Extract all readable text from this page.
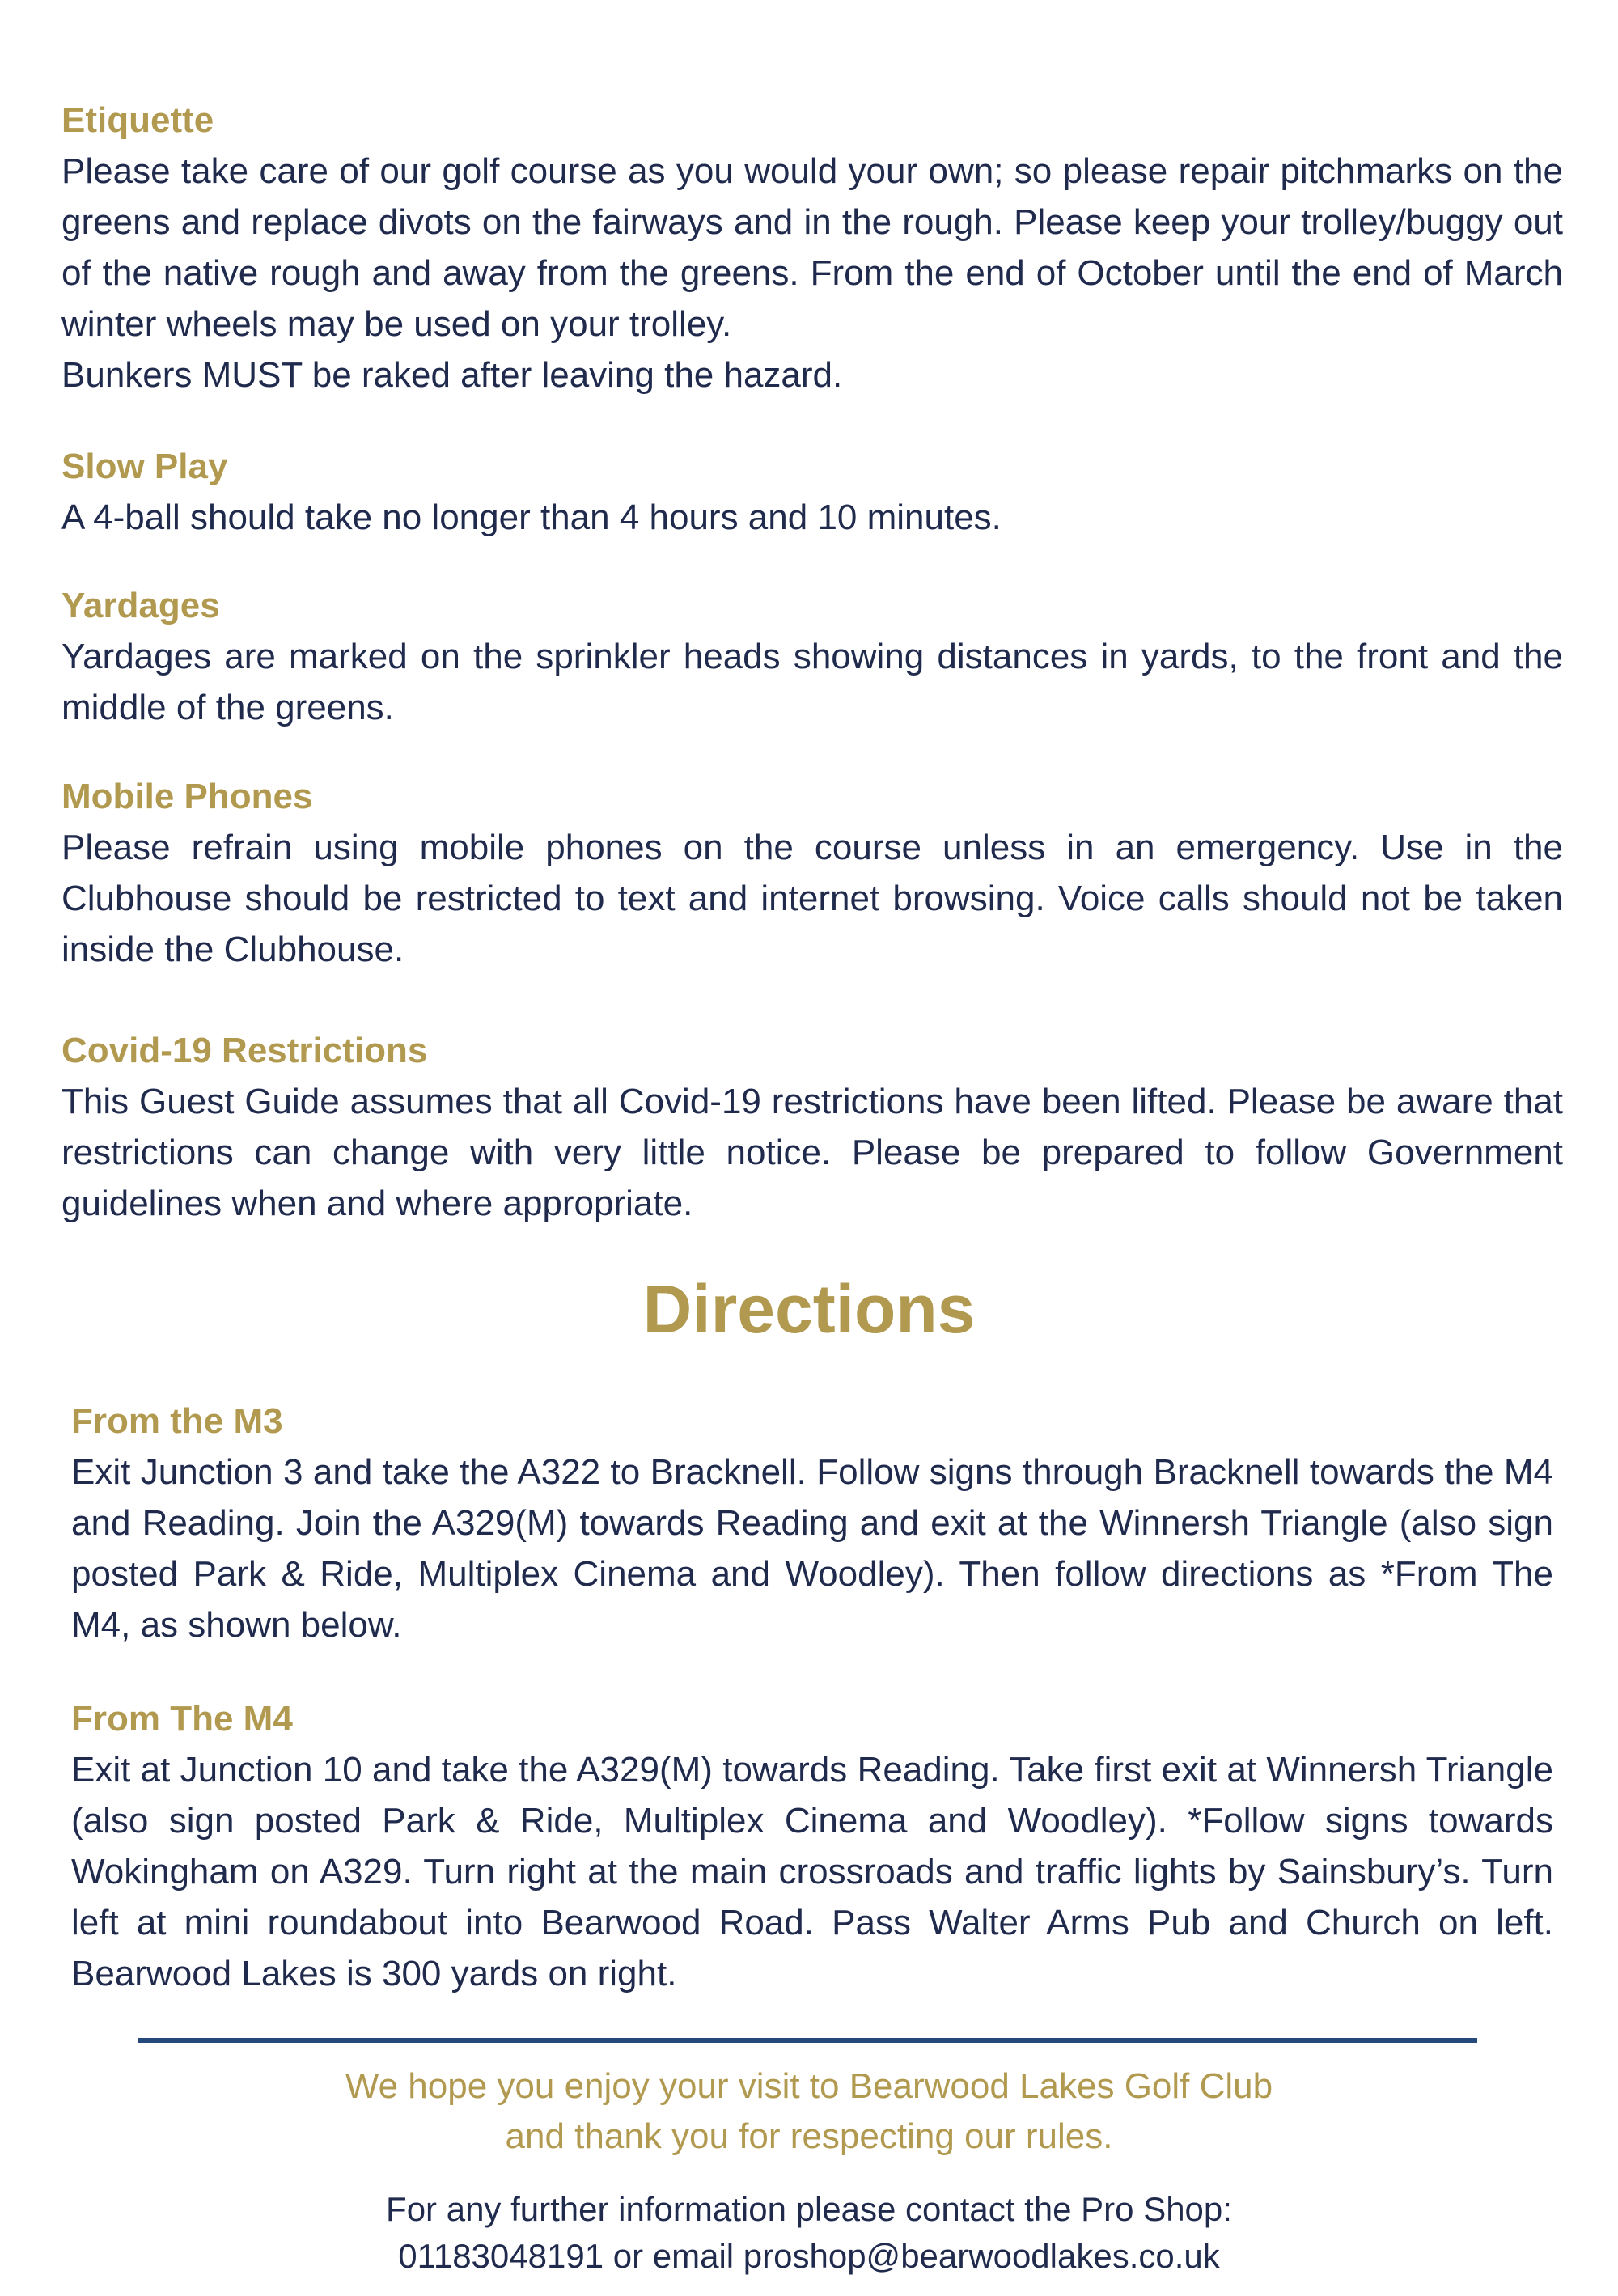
Etiquette

Please take care of our golf course as you would your own; so please repair pitchmarks on the greens and replace divots on the fairways and in the rough. Please keep your trolley/buggy out of the native rough and away from the greens. From the end of October until the end of March winter wheels may be used on your trolley.

Bunkers MUST be raked after leaving the hazard.

Slow Play

A 4-ball should take no longer than 4 hours and 10 minutes.

Yardages

Yardages are marked on the sprinkler heads showing distances in yards, to the front and the middle of the greens.

Mobile Phones

Please refrain using mobile phones on the course unless in an emergency. Use in the Clubhouse should be restricted to text and internet browsing. Voice calls should not be taken inside the Clubhouse.

Covid-19 Restrictions

This Guest Guide assumes that all Covid-19 restrictions have been lifted. Please be aware that restrictions can change with very little notice. Please be prepared to follow Government guidelines when and where appropriate.

Directions
From the M3

Exit Junction 3 and take the A322 to Bracknell. Follow signs through Bracknell towards the M4 and Reading. Join the A329(M) towards Reading and exit at the Winnersh Triangle (also sign posted Park & Ride, Multiplex Cinema and Woodley). Then follow directions as *From The M4, as shown below.

From The M4

Exit at Junction 10 and take the A329(M) towards Reading. Take first exit at Winnersh Triangle (also sign posted Park & Ride, Multiplex Cinema and Woodley). *Follow signs towards Wokingham on A329. Turn right at the main crossroads and traffic lights by Sainsbury’s. Turn left at mini roundabout into Bearwood Road. Pass Walter Arms Pub and Church on left. Bearwood Lakes is 300 yards on right.

We hope you enjoy your visit to Bearwood Lakes Golf Club
and thank you for respecting our rules.
For any further information please contact the Pro Shop:
01183048191 or email proshop@bearwoodlakes.co.uk
